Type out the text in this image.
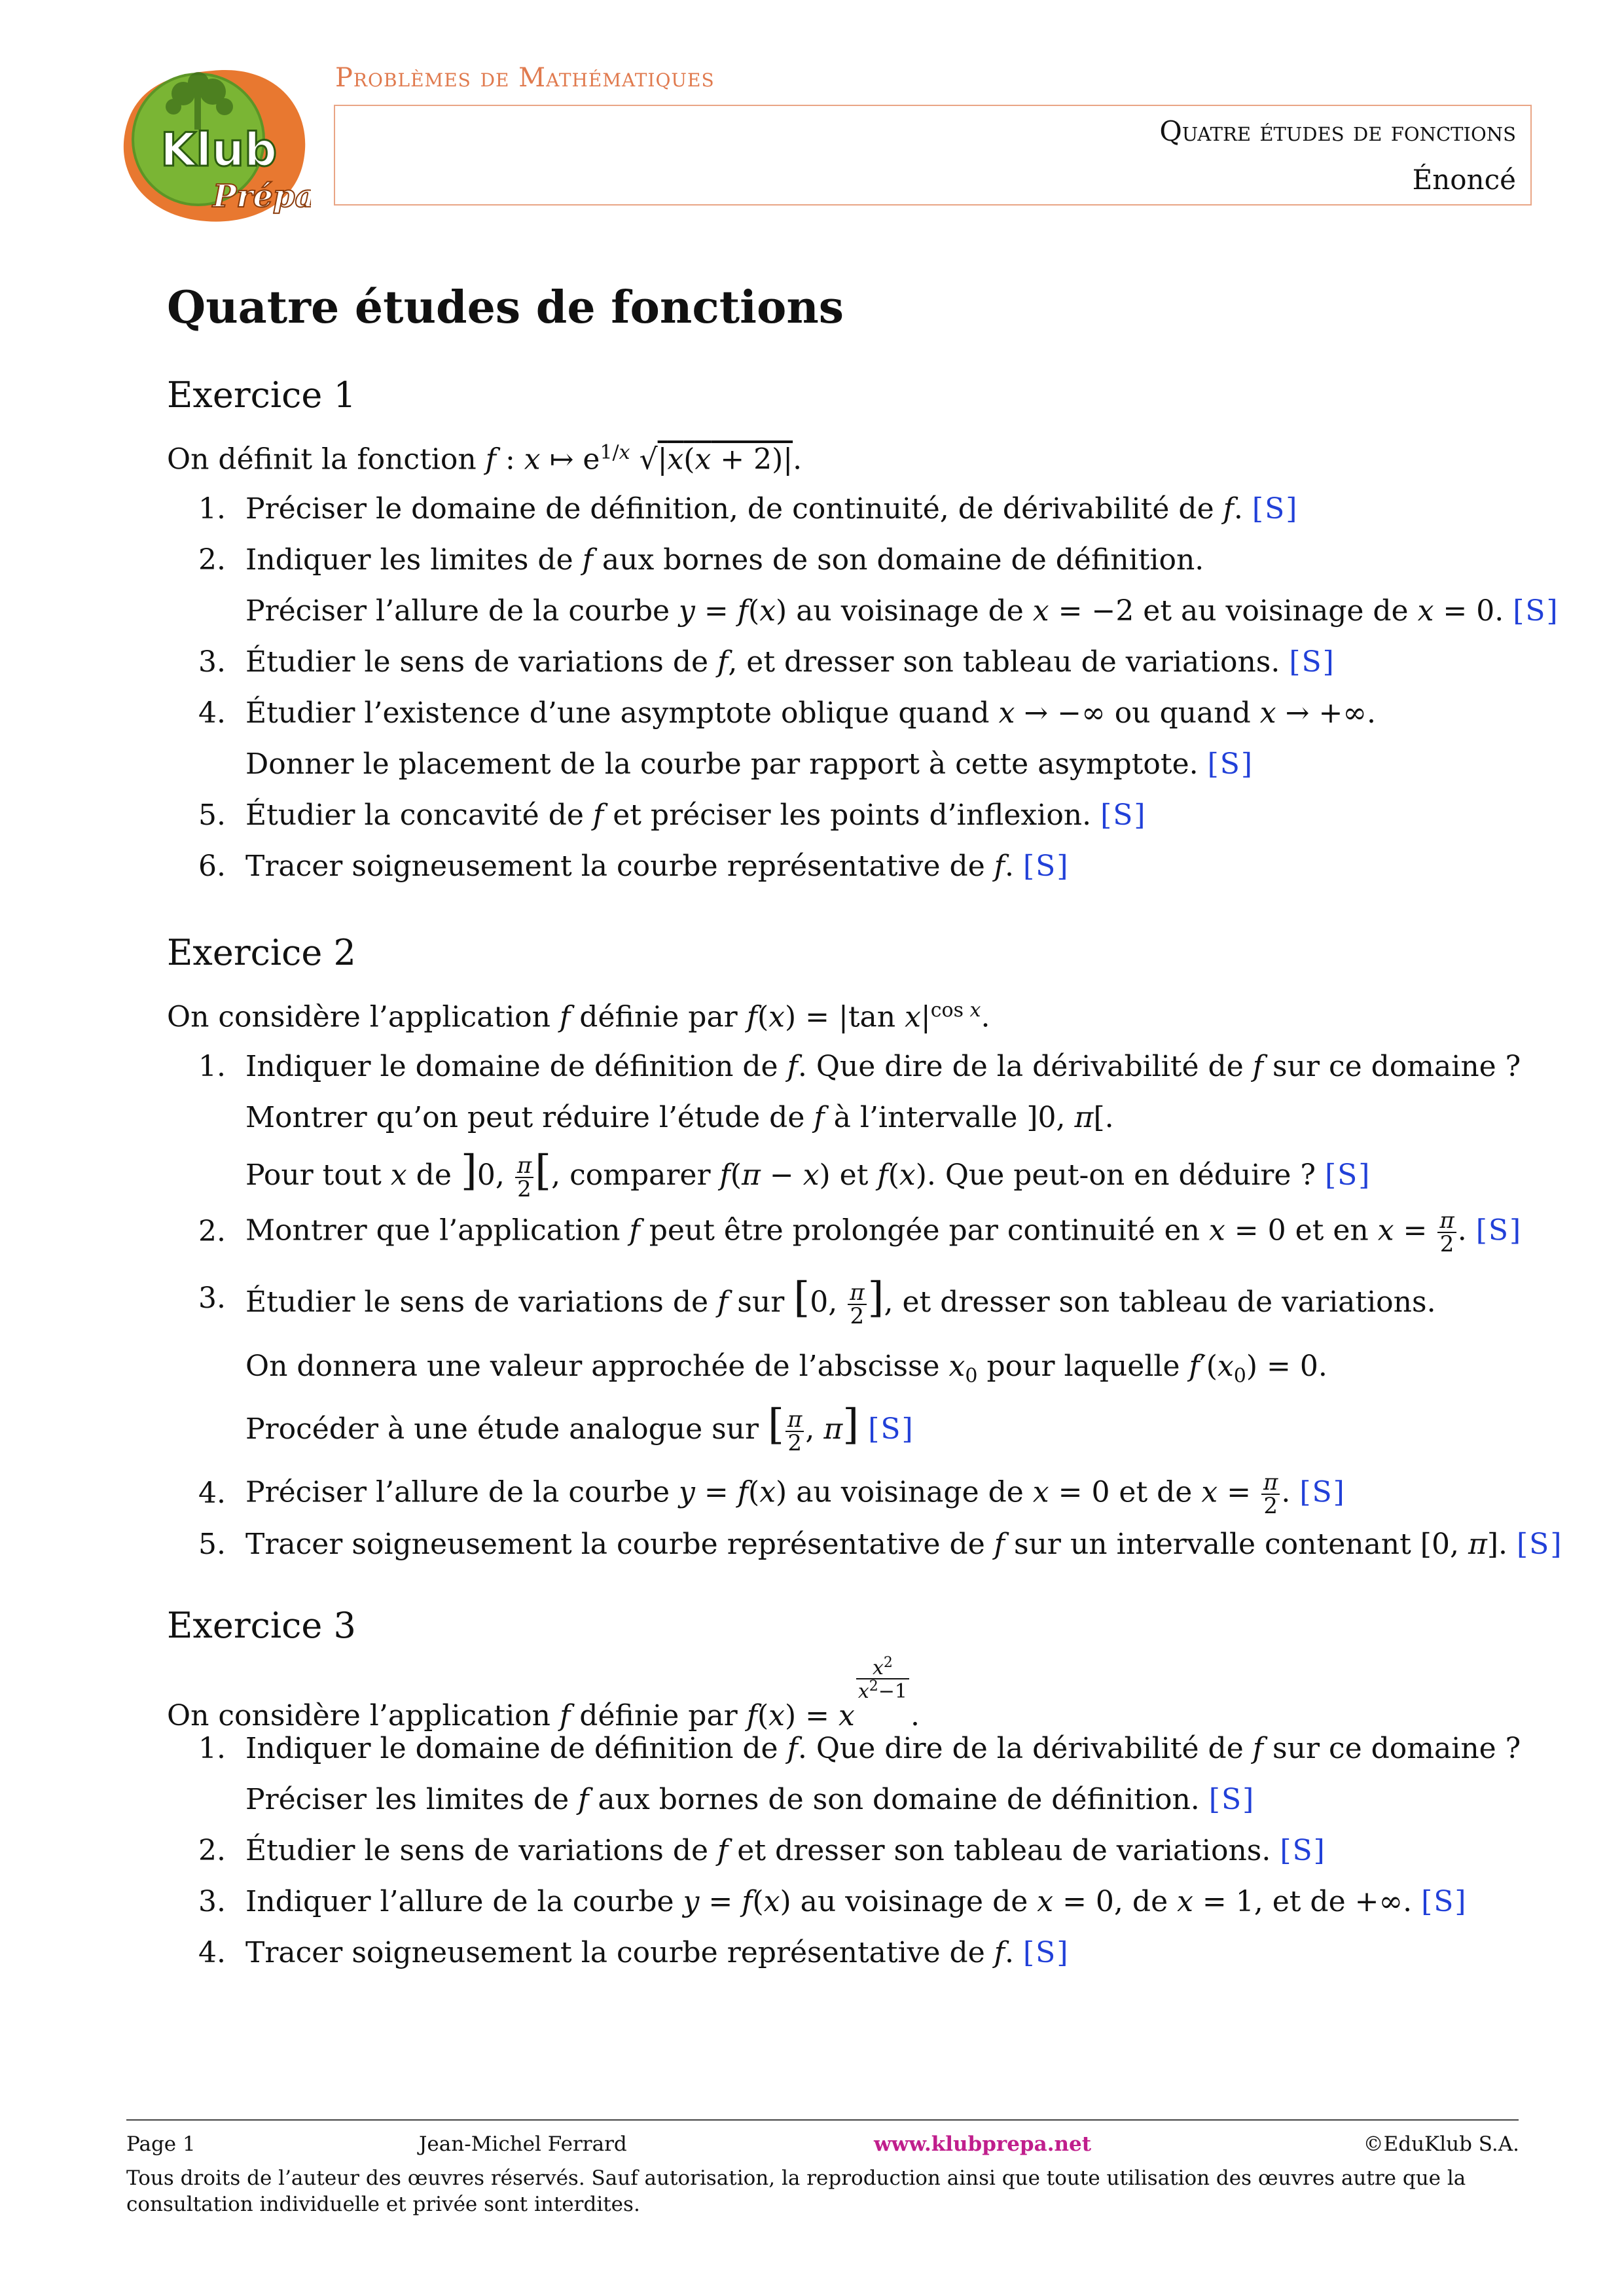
Klub
Prépa
Problèmes de Mathématiques
Quatre études de fonctions
Énoncé
Quatre études de fonctions
Exercice 1
On définit la fonction f : x ↦ $e^{1/x}$ √|x(x + 2)|.
1. Préciser le domaine de définition, de continuité, de dérivabilité de f. [S]
2. Indiquer les limites de f aux bornes de son domaine de définition.
Préciser l’allure de la courbe y = f(x) au voisinage de x = −2 et au voisinage de x = 0. [S]
3. Étudier le sens de variations de f, et dresser son tableau de variations. [S]
4. Étudier l’existence d’une asymptote oblique quand x → −∞ ou quand x → +∞.
Donner le placement de la courbe par rapport à cette asymptote. [S]
5. Étudier la concavité de f et préciser les points d’inflexion. [S]
6. Tracer soigneusement la courbe représentative de f. [S]
Exercice 2
On considère l’application f définie par f(x) = |tan $x|^{cos x}$.
1. Indiquer le domaine de définition de f. Que dire de la dérivabilité de f sur ce domaine ?
Montrer qu’on peut réduire l’étude de f à l’intervalle ]0, π[.
Pour tout x de ]0, $\frac{\pi}{2}$ [, comparer f(π − x) et f(x). Que peut-on en déduire ? [S]
2. Montrer que l’application f peut être prolongée par continuité en x = 0 et en $x = \frac{\pi}{2}$ . [S]
3. Étudier le sens de variations de f sur [0, $\frac{\pi}{2}$ ], et dresser son tableau de variations.
On donnera une valeur approchée de l’abscisse $x_0$ pour laquelle $f'(x_0) = 0$.
Procéder à une étude analogue sur [ $\frac{\pi}{2}$ , π] [S]
4. Préciser l’allure de la courbe y = f(x) au voisinage de x = 0 et de $x = \frac{\pi}{2}$ . [S]
5. Tracer soigneusement la courbe représentative de f sur un intervalle contenant [0, π]. [S]
Exercice 3
On considère l’application f définie par f(x) = x
$\frac{x^2}{x^2-1}$
.
1. Indiquer le domaine de définition de f. Que dire de la dérivabilité de f sur ce domaine ?
Préciser les limites de f aux bornes de son domaine de définition. [S]
2. Étudier le sens de variations de f et dresser son tableau de variations. [S]
3. Indiquer l’allure de la courbe y = f(x) au voisinage de x = 0, de x = 1, et de +∞. [S]
4. Tracer soigneusement la courbe représentative de f. [S]
Page 1	Jean-Michel Ferrard	www.klubprepa.net	©EduKlub S.A.
Tous droits de l’auteur des œuvres réservés. Sauf autorisation, la reproduction ainsi que toute utilisation des œuvres autre que la consultation individuelle et privée sont interdites.
